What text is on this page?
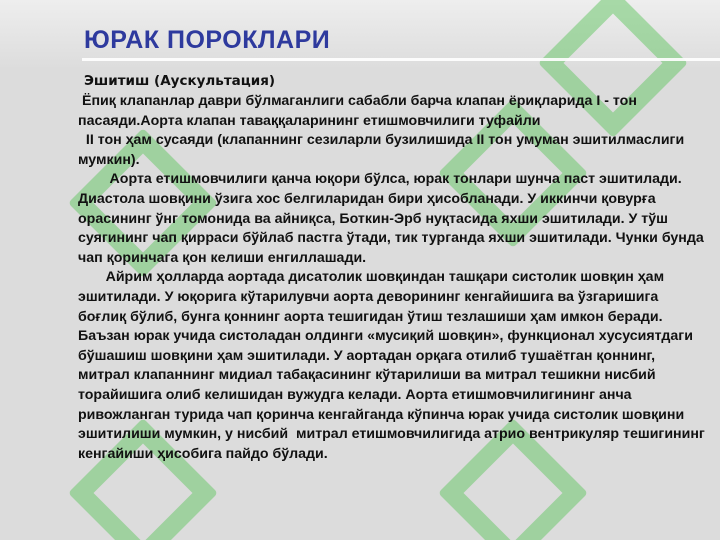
ЮРАК ПОРОКЛАРИ
Эшитиш (Аускультация)

Ёпиқ клапанлар даври бўлмаганлиги сабабли барча клапан ёриқларида I - тон  пасаяди.Аорта клапан таваққаларининг етишмовчилиги туфайли

II тон ҳам сусаяди (клапаннинг сезиларли бузилишида II тон умуман эшитилмаслиги мумкин).

Аорта етишмовчилиги қанча юқори бўлса, юрак тонлари шунча паст эшитилади. Диастола шовқини ўзига хос белгиларидан бири ҳисобланади. У иккинчи қовурға орасининг ўнг томонида ва айниқса, Боткин-Эрб нуқтасида яхши эшитилади. У тўш суягининг чап қирраси бўйлаб пастга ўтади, тик турганда яхши эшитилади. Чунки бунда чап қоринчага қон келиши енгиллашади.

Айрим ҳолларда аортада дисатолик шовқиндан ташқари систолик шовқин ҳам эшитилади. У юқорига кўтарилувчи аорта деворининг кенгайишига ва ўзгаришига боғлиқ бўлиб, бунга қоннинг аорта тешигидан ўтиш тезлашиши ҳам имкон беради. Баъзан юрак учида систоладан олдинги «мусиқий шовқин», функционал хусусиятдаги бўшашиш шовқини ҳам эшитилади. У аортадан орқага отилиб тушаётган қоннинг, митрал клапаннинг мидиал табақасининг кўтарилиши ва митрал тешикни нисбий торайишига олиб келишидан вужудга келади. Аорта етишмовчилигининг анча ривожланган турида чап қоринча кенгайганда кўпинча юрак учида систолик шовқини эшитилиши мумкин, у нисбий  митрал етишмовчилигида атрио вентрикуляр тешигининг кенгайиши ҳисобига пайдо бўлади.
